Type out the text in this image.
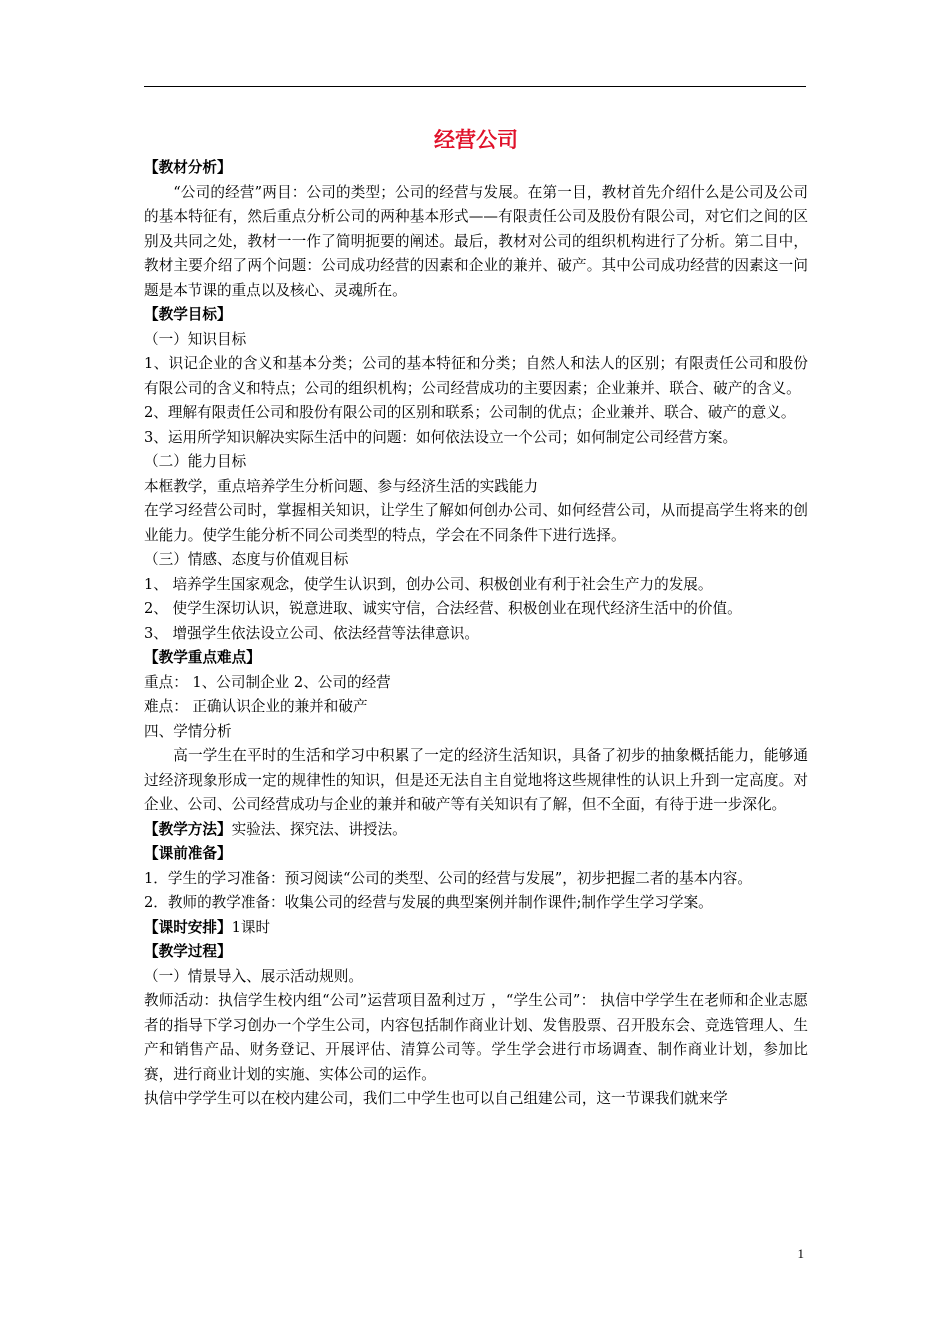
经营公司

【教材分析】

“公司的经营”两目：公司的类型；公司的经营与发展。在第一目，教材首先介绍什么是公司及公司的基本特征有，然后重点分析公司的两种基本形式——有限责任公司及股份有限公司，对它们之间的区别及共同之处，教材一一作了简明扼要的阐述。最后，教材对公司的组织机构进行了分析。第二目中，教材主要介绍了两个问题：公司成功经营的因素和企业的兼并、破产。其中公司成功经营的因素这一问题是本节课的重点以及核心、灵魂所在。

【教学目标】

（一）知识目标

1、识记企业的含义和基本分类；公司的基本特征和分类；自然人和法人的区别；有限责任公司和股份有限公司的含义和特点；公司的组织机构；公司经营成功的主要因素；企业兼并、联合、破产的含义。

2、理解有限责任公司和股份有限公司的区别和联系；公司制的优点；企业兼并、联合、破产的意义。

3、运用所学知识解决实际生活中的问题：如何依法设立一个公司；如何制定公司经营方案。

（二）能力目标

本框教学，重点培养学生分析问题、参与经济生活的实践能力

在学习经营公司时，掌握相关知识，让学生了解如何创办公司、如何经营公司，从而提高学生将来的创业能力。使学生能分析不同公司类型的特点，学会在不同条件下进行选择。

（三）情感、态度与价值观目标

1、 培养学生国家观念，使学生认识到，创办公司、积极创业有利于社会生产力的发展。

2、 使学生深切认识，锐意进取、诚实守信，合法经营、积极创业在现代经济生活中的价值。

3、 增强学生依法设立公司、依法经营等法律意识。

【教学重点难点】

重点： 1、公司制企业 2、公司的经营

难点： 正确认识企业的兼并和破产

四、学情分析

高一学生在平时的生活和学习中积累了一定的经济生活知识，具备了初步的抽象概括能力，能够通过经济现象形成一定的规律性的知识，但是还无法自主自觉地将这些规律性的认识上升到一定高度。对企业、公司、公司经营成功与企业的兼并和破产等有关知识有了解，但不全面，有待于进一步深化。

【教学方法】实验法、探究法、讲授法。

【课前准备】

1．学生的学习准备：预习阅读“公司的类型、公司的经营与发展”，初步把握二者的基本内容。

2．教师的教学准备：收集公司的经营与发展的典型案例并制作课件;制作学生学习学案。

【课时安排】1课时

【教学过程】

（一）情景导入、展示活动规则。

教师活动：执信学生校内组“公司”运营项目盈利过万 ，“学生公司”： 执信中学学生在老师和企业志愿者的指导下学习创办一个学生公司，内容包括制作商业计划、发售股票、召开股东会、竞选管理人、生产和销售产品、财务登记、开展评估、清算公司等。学生学会进行市场调查、制作商业计划，参加比赛，进行商业计划的实施、实体公司的运作。

执信中学学生可以在校内建公司，我们二中学生也可以自己组建公司，这一节课我们就来学

1
